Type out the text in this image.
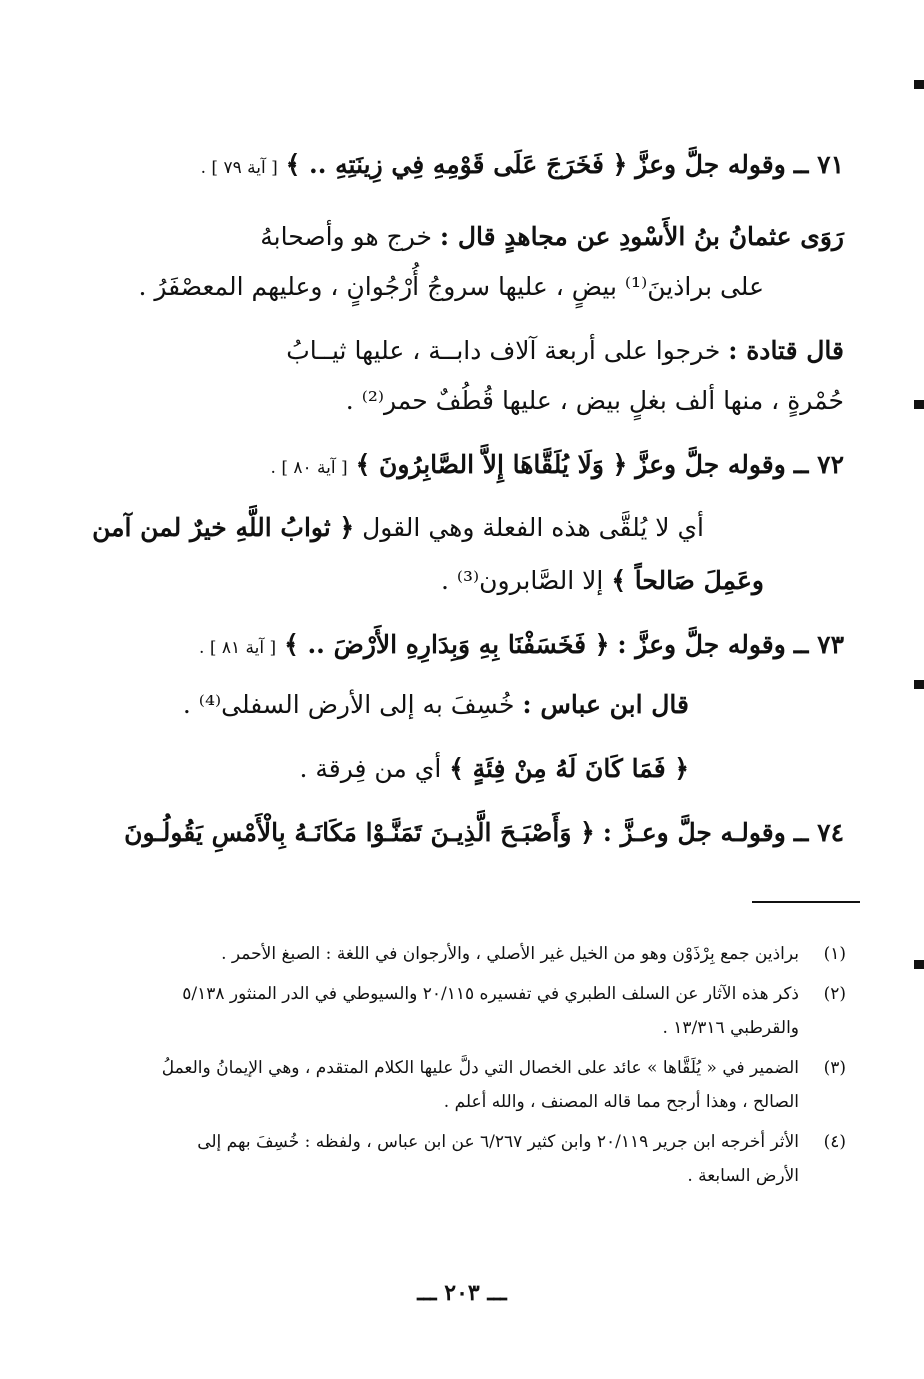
٧١ ــ وقوله جلَّ وعزَّ ﴿ فَخَرَجَ عَلَى قَوْمِهِ فِي زِينَتِهِ .. ﴾ [ آية ٧٩ ] .
رَوَى عثمانُ بنُ الأَسْودِ عن مجاهدٍ قال : خرج هو وأصحابهُ
على براذينَ⁽¹⁾ بيضٍ ، عليها سروجُ أُرْجُوانٍ ، وعليهم المعصْفَرُ .
قال قتادة : خرجوا على أربعة آلاف دابــة ، عليها ثيــابُ
حُمْرةٍ ، منها ألف بغلٍ بيض ، عليها قُطُفٌ حمر⁽²⁾ .
٧٢ ــ وقوله جلَّ وعزَّ ﴿ وَلَا يُلَقَّاهَا إِلاَّ الصَّابِرُونَ ﴾ [ آية ٨٠ ] .
أي لا يُلقَّى هذه الفعلة وهي القول ﴿ ثوابُ اللَّهِ خيرٌ لمن آمن
وعَمِلَ صَالحاً ﴾ إلا الصَّابرون⁽³⁾ .
٧٣ ــ وقوله جلَّ وعزَّ : ﴿ فَخَسَفْنَا بِهِ وَبِدَارِهِ الأَرْضَ .. ﴾ [ آية ٨١ ] .
قال ابن عباس : خُسِفَ به إلى الأرض السفلى⁽⁴⁾ .
﴿ فَمَا كَانَ لَهُ مِنْ فِئَةٍ ﴾ أي من فِرقة .
٧٤ ــ وقولـه جلَّ وعـزَّ : ﴿ وَأَصْبَـحَ الَّذِيـنَ تَمَنَّـوْا مَكَانَـهُ بِالْأَمْسِ يَقُولُـونَ
(١)
براذين جمع بِرْذَوْن وهو من الخيل غير الأصلي ، والأرجوان في اللغة : الصبغ الأحمر .
(٢)
ذكر هذه الآثار عن السلف الطبري في تفسيره ٢٠/١١٥ والسيوطي في الدر المنثور ٥/١٣٨
والقرطبي ١٣/٣١٦ .
(٣)
الضمير في « يُلَقَّاها » عائد على الخصال التي دلَّ عليها الكلام المتقدم ، وهي الإيمانُ والعملُ
الصالح ، وهذا أرجح مما قاله المصنف ، والله أعلم .
(٤)
الأثر أخرجه ابن جرير ٢٠/١١٩ وابن كثير ٦/٢٦٧ عن ابن عباس ، ولفظه : خُسِفَ بهم إلى
الأرض السابعة .
ـــ ٢٠٣ ـــ
